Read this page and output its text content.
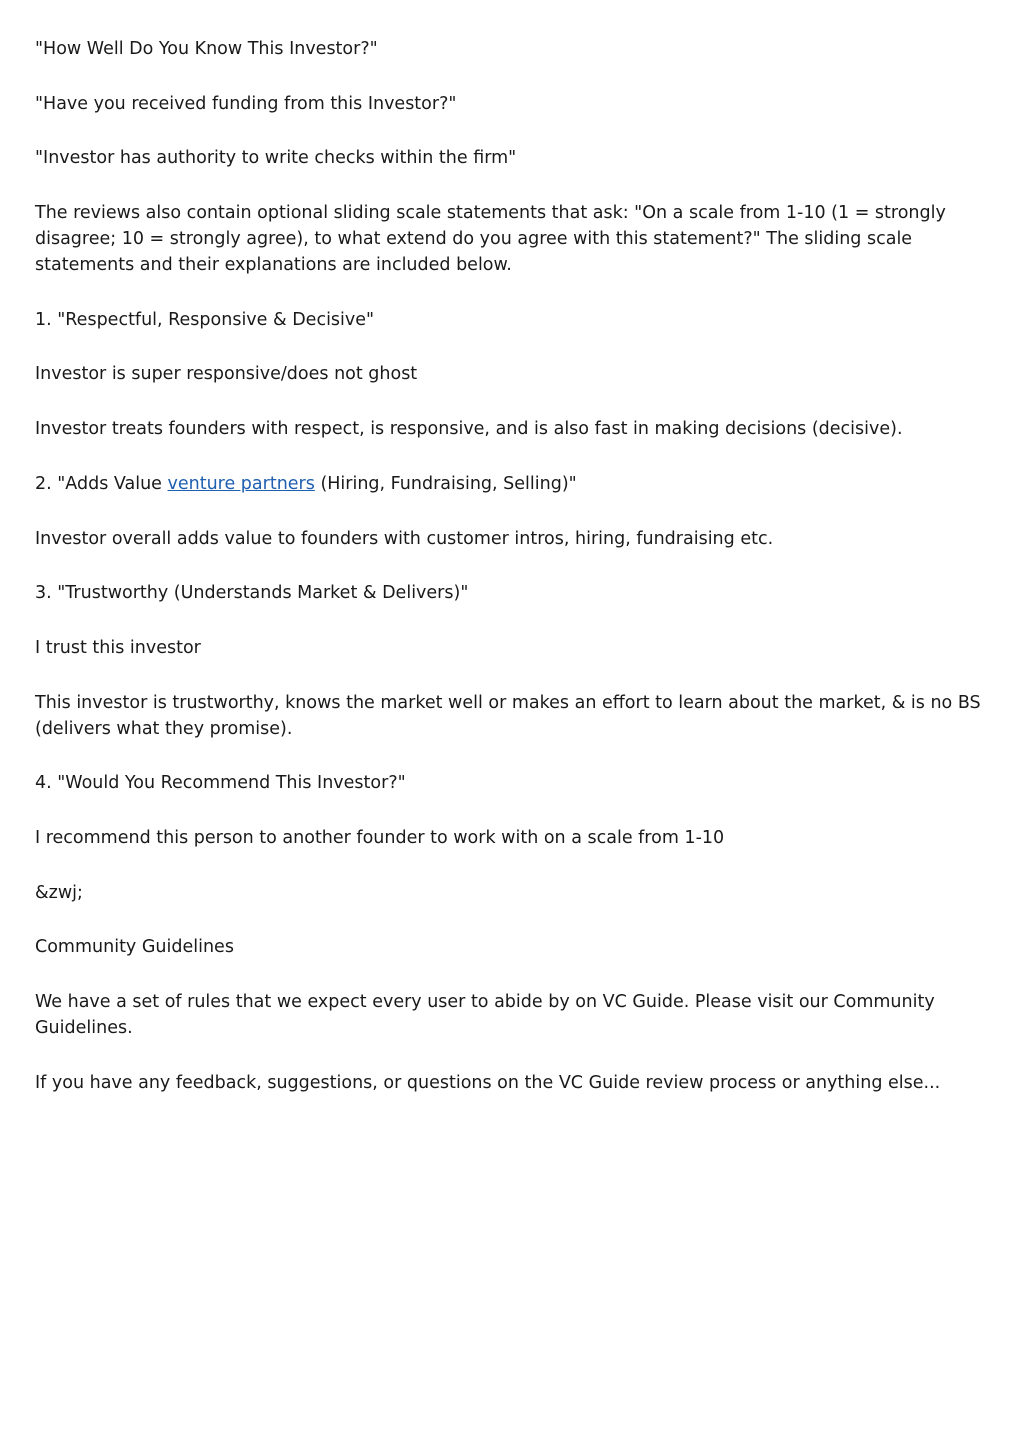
"How Well Do You Know This Investor?"

"Have you received funding from this Investor?"

"Investor has authority to write checks within the firm"

The reviews also contain optional sliding scale statements that ask: "On a scale from 1-10 (1 = strongly disagree; 10 = strongly agree), to what extend do you agree with this statement?" The sliding scale statements and their explanations are included below.

1. "Respectful, Responsive & Decisive"

Investor is super responsive/does not ghost

Investor treats founders with respect, is responsive, and is also fast in making decisions (decisive).

2. "Adds Value venture partners (Hiring, Fundraising, Selling)"

Investor overall adds value to founders with customer intros, hiring, fundraising etc.

3. "Trustworthy (Understands Market & Delivers)"

I trust this investor

This investor is trustworthy, knows the market well or makes an effort to learn about the market, & is no BS (delivers what they promise).

4. "Would You Recommend This Investor?"

I recommend this person to another founder to work with on a scale from 1-10

&zwj;

Community Guidelines

We have a set of rules that we expect every user to abide by on VC Guide. Please visit our Community Guidelines.

If you have any feedback, suggestions, or questions on the VC Guide review process or anything else...
